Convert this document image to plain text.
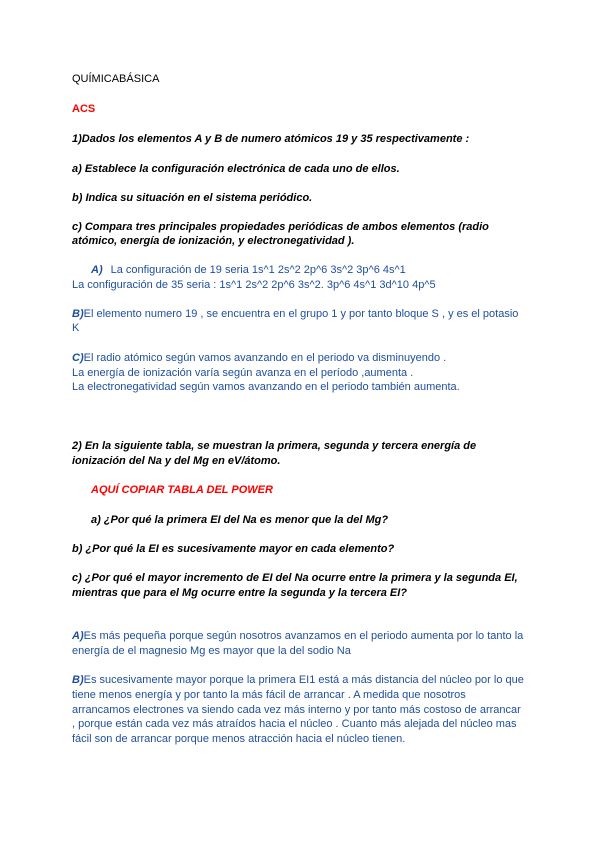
QUÍMICABÁSICA
ACS
1)Dados los elementos A y B de numero atómicos 19 y 35 respectivamente :
a) Establece la configuración electrónica de cada uno de ellos.
b) Indica su situación en el sistema periódico.
c) Compara tres principales propiedades periódicas de ambos elementos (radio
atómico, energía de ionización, y electronegatividad ).
A) La configuración de 19 seria 1s^1 2s^2 2p^6 3s^2 3p^6 4s^1
La configuración de 35 seria : 1s^1 2s^2 2p^6 3s^2. 3p^6 4s^1 3d^10 4p^5
B)El elemento numero 19 , se encuentra en el grupo 1 y por tanto bloque S , y es el potasio
K
C)El radio atómico según vamos avanzando en el periodo va disminuyendo .
La energía de ionización varía según avanza en el período ,aumenta .
La electronegatividad según vamos avanzando en el periodo también aumenta.
2) En la siguiente tabla, se muestran la primera, segunda y tercera energía de
ionización del Na y del Mg en eV/átomo.
AQUÍ COPIAR TABLA DEL POWER
a) ¿Por qué la primera EI del Na es menor que la del Mg?
b) ¿Por qué la EI es sucesivamente mayor en cada elemento?
c) ¿Por qué el mayor incremento de EI del Na ocurre entre la primera y la segunda EI,
mientras que para el Mg ocurre entre la segunda y la tercera EI?
A)Es más pequeña porque según nosotros avanzamos en el periodo aumenta por lo tanto la
energía de el magnesio Mg es mayor que la del sodio Na
B)Es sucesivamente mayor porque la primera EI1 está a más distancia del núcleo por lo que
tiene menos energía y por tanto la más fácil de arrancar . A medida que nosotros
arrancamos electrones va siendo cada vez más interno y por tanto más costoso de arrancar
, porque están cada vez más atraídos hacia el núcleo . Cuanto más alejada del núcleo mas
fácil son de arrancar porque menos atracción hacia el núcleo tienen.
